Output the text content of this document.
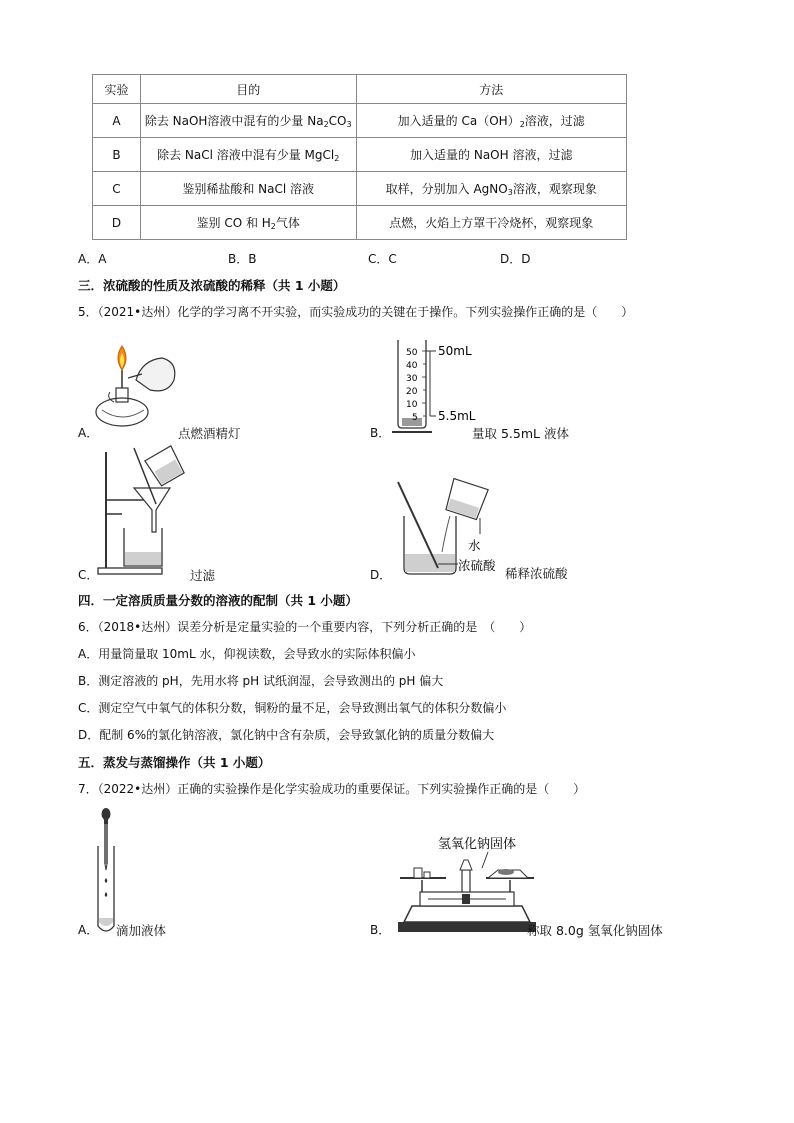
实验	目的	方法
A	除去 NaOH溶液中混有的少量 $Na_2CO_3$	加入适量的 $Ca(OH)_2$溶液，过滤
B	除去 NaCl 溶液中混有少量 MgCl$_2$	加入适量的 NaOH 溶液，过滤
C	鉴别稀盐酸和 NaCl 溶液	取样，分别加入 AgNO$_3$溶液，观察现象
D	鉴别 CO 和 $H_2$气体	点燃，火焰上方罩干冷烧杯，观察现象
A．A	B．B	C．C	D．D
三．浓硫酸的性质及浓硫酸的稀释（共 1 小题）
5．（2021•达州）化学的学习离不开实验，而实验成功的关键在于操作。下列实验操作正确的是（　　）
A．	点燃酒精灯	B．
50
40
30
20
10
5
50mL
5.5mL
量取 5.5mL 液体
C．	过滤	D．
水
浓硫酸
稀释浓硫酸
四．一定溶质质量分数的溶液的配制（共 1 小题）
6．（2018•达州）误差分析是定量实验的一个重要内容，下列分析正确的是　（　　）
A．用量筒量取 10mL 水，仰视读数，会导致水的实际体积偏小
B．测定溶液的 pH，先用水将 pH 试纸润湿，会导致测出的 pH 偏大
C．测定空气中氧气的体积分数，铜粉的量不足，会导致测出氧气的体积分数偏小
D．配制 6%的氯化钠溶液，氯化钠中含有杂质，会导致氯化钠的质量分数偏大
五．蒸发与蒸馏操作（共 1 小题）
7．（2022•达州）正确的实验操作是化学实验成功的重要保证。下列实验操作正确的是（　　）
A． 滴加液体	B．
氢氧化钠固体
称取 8.0g 氢氧化钠固体
